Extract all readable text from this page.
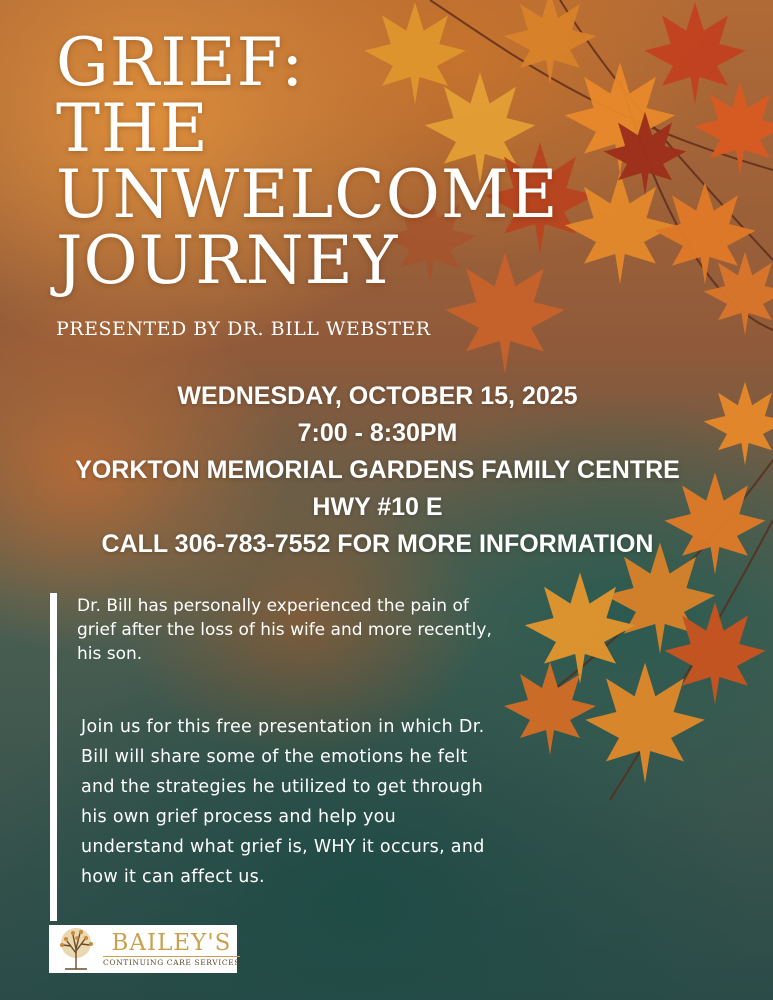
GRIEF:
THE
UNWELCOME
JOURNEY
PRESENTED BY DR. BILL WEBSTER
WEDNESDAY, OCTOBER 15, 2025
7:00 - 8:30PM
YORKTON MEMORIAL GARDENS FAMILY CENTRE
HWY #10 E
CALL 306-783-7552 FOR MORE INFORMATION

Dr. Bill has personally experienced the pain of grief after the loss of his wife and more recently, his son.

Join us for this free presentation in which Dr. Bill will share some of the emotions he felt and the strategies he utilized to get through his own grief process and help you understand what grief is, WHY it occurs, and how it can affect us.

BAILEY'S
CONTINUING CARE SERVICES
